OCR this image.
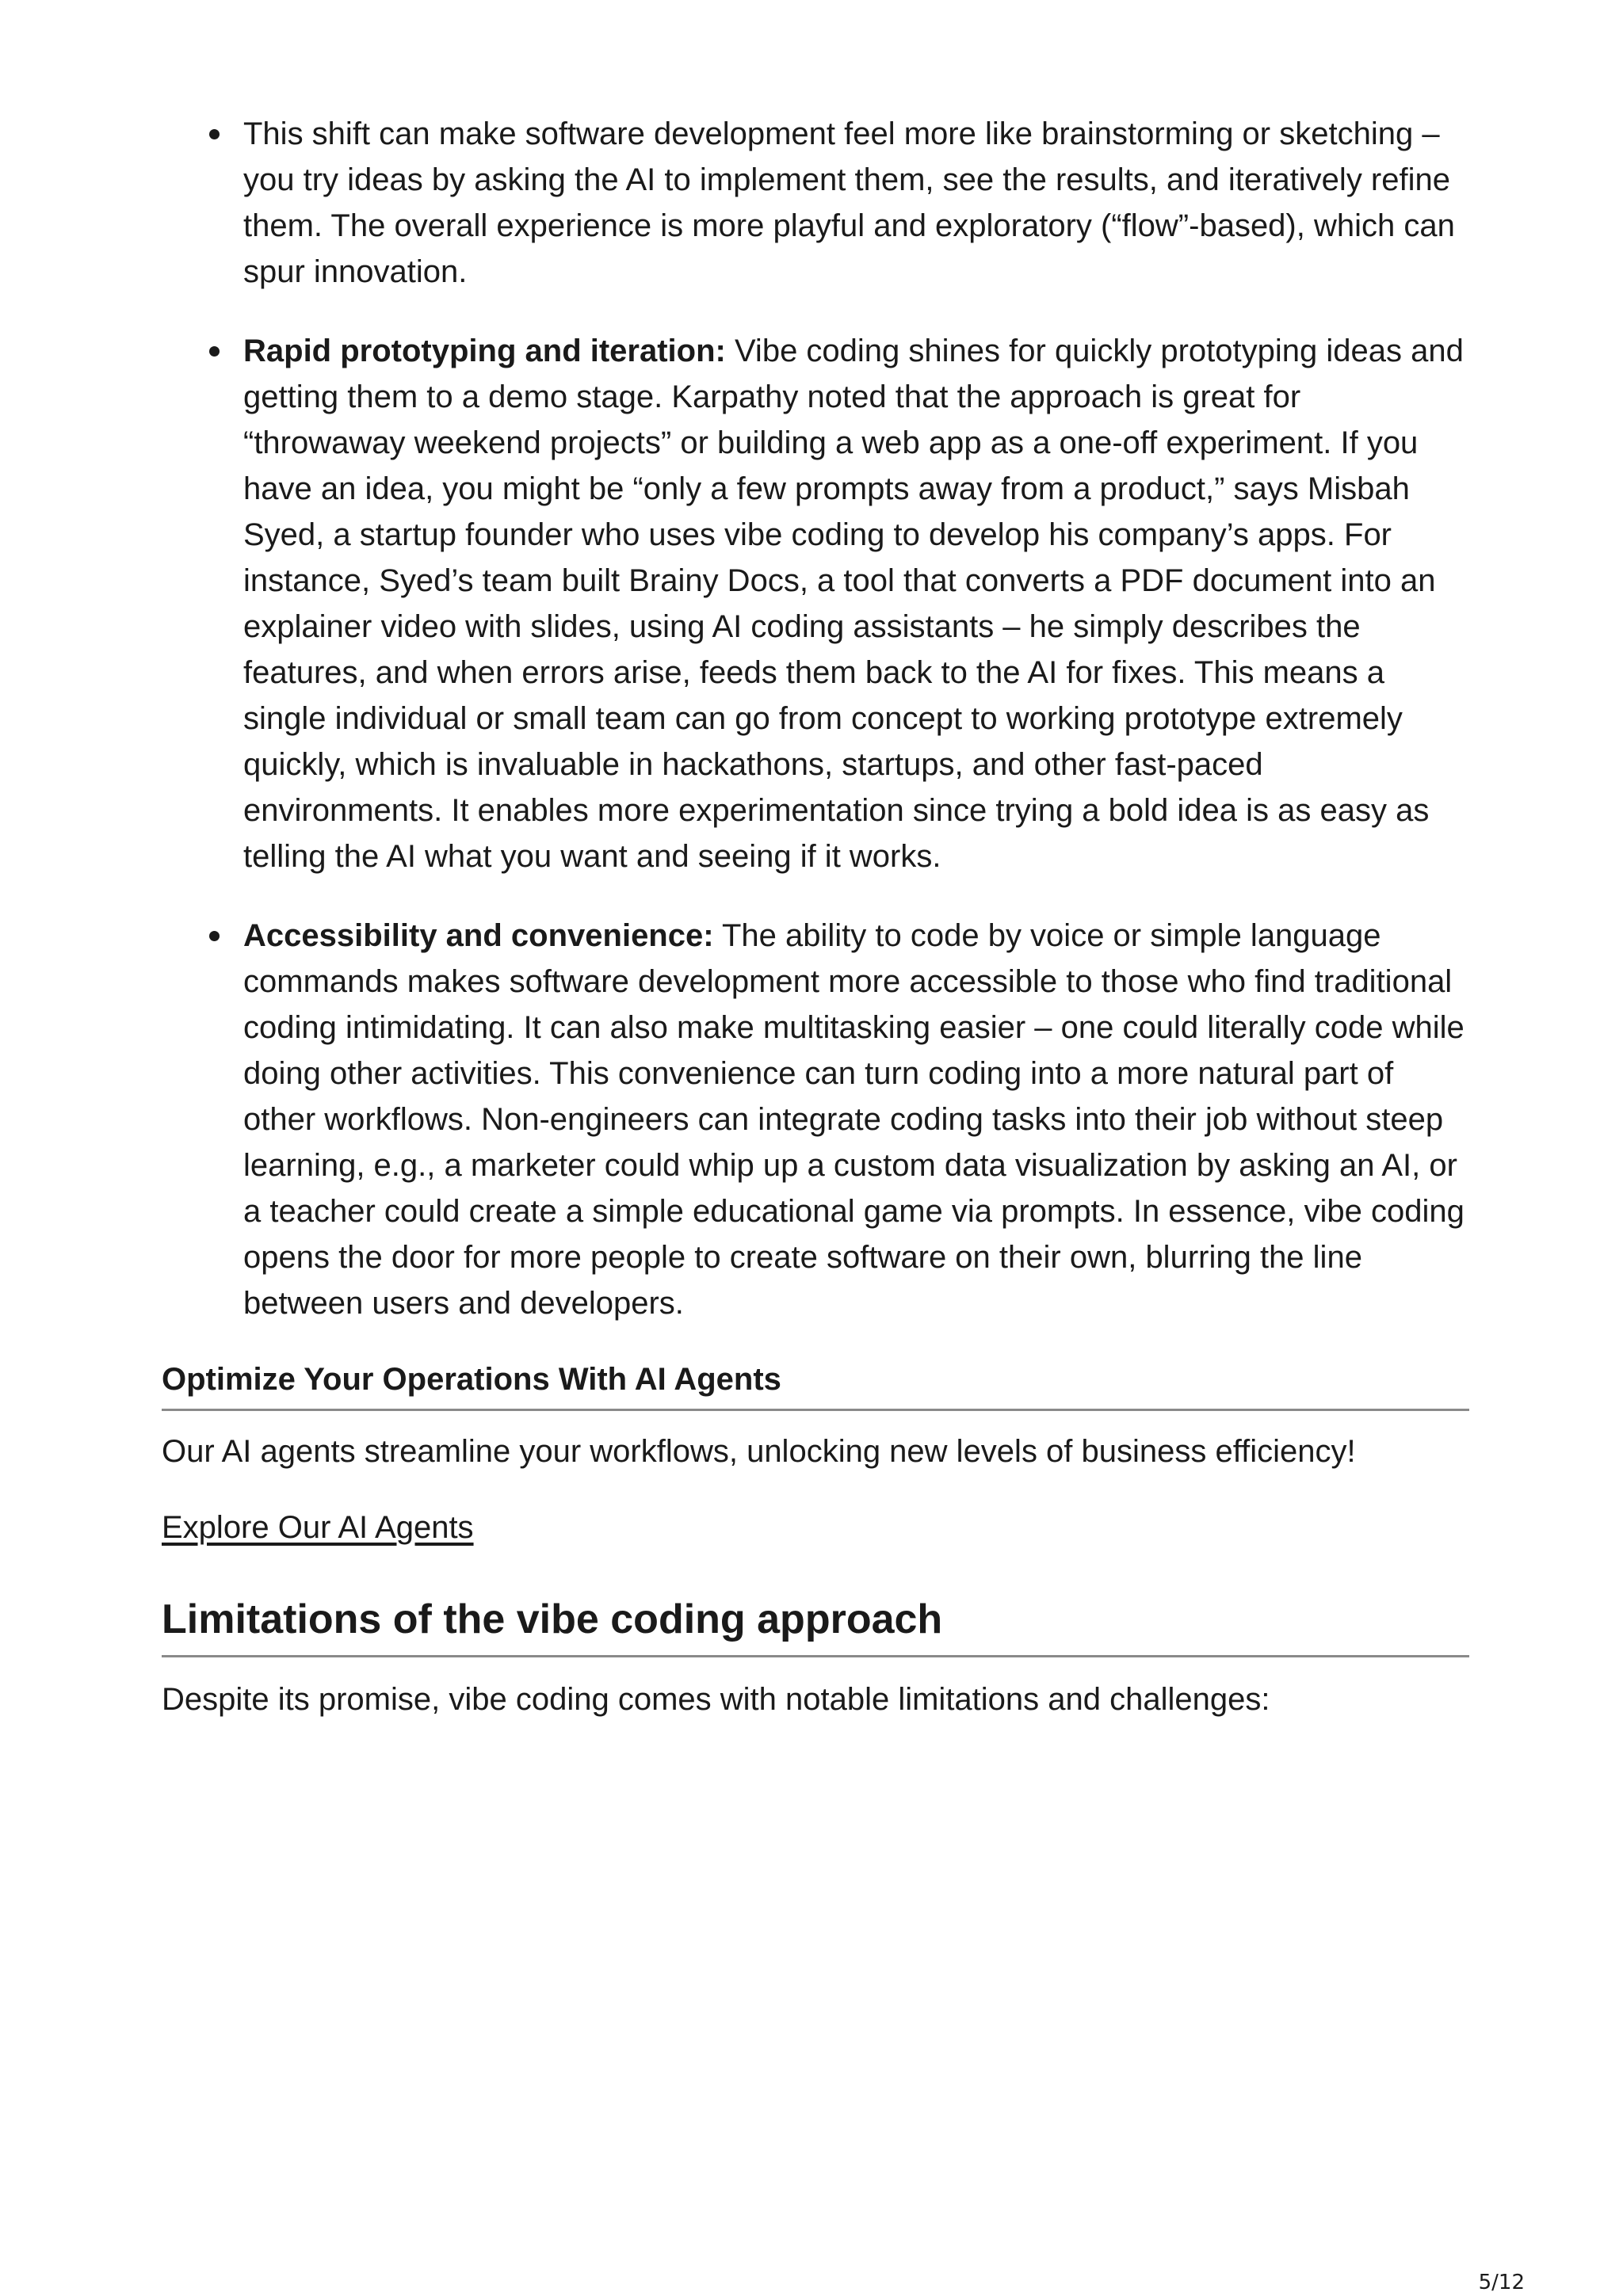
This shift can make software development feel more like brainstorming or sketching – you try ideas by asking the AI to implement them, see the results, and iteratively refine them. The overall experience is more playful and exploratory (“flow”-based), which can spur innovation.
Rapid prototyping and iteration: Vibe coding shines for quickly prototyping ideas and getting them to a demo stage. Karpathy noted that the approach is great for “throwaway weekend projects” or building a web app as a one-off experiment. If you have an idea, you might be “only a few prompts away from a product,” says Misbah Syed, a startup founder who uses vibe coding to develop his company’s apps. For instance, Syed’s team built Brainy Docs, a tool that converts a PDF document into an explainer video with slides, using AI coding assistants – he simply describes the features, and when errors arise, feeds them back to the AI for fixes. This means a single individual or small team can go from concept to working prototype extremely quickly, which is invaluable in hackathons, startups, and other fast-paced environments. It enables more experimentation since trying a bold idea is as easy as telling the AI what you want and seeing if it works.
Accessibility and convenience: The ability to code by voice or simple language commands makes software development more accessible to those who find traditional coding intimidating. It can also make multitasking easier – one could literally code while doing other activities. This convenience can turn coding into a more natural part of other workflows. Non-engineers can integrate coding tasks into their job without steep learning, e.g., a marketer could whip up a custom data visualization by asking an AI, or a teacher could create a simple educational game via prompts. In essence, vibe coding opens the door for more people to create software on their own, blurring the line between users and developers.
Optimize Your Operations With AI Agents
Our AI agents streamline your workflows, unlocking new levels of business efficiency!
Explore Our AI Agents
Limitations of the vibe coding approach
Despite its promise, vibe coding comes with notable limitations and challenges:
5/12
